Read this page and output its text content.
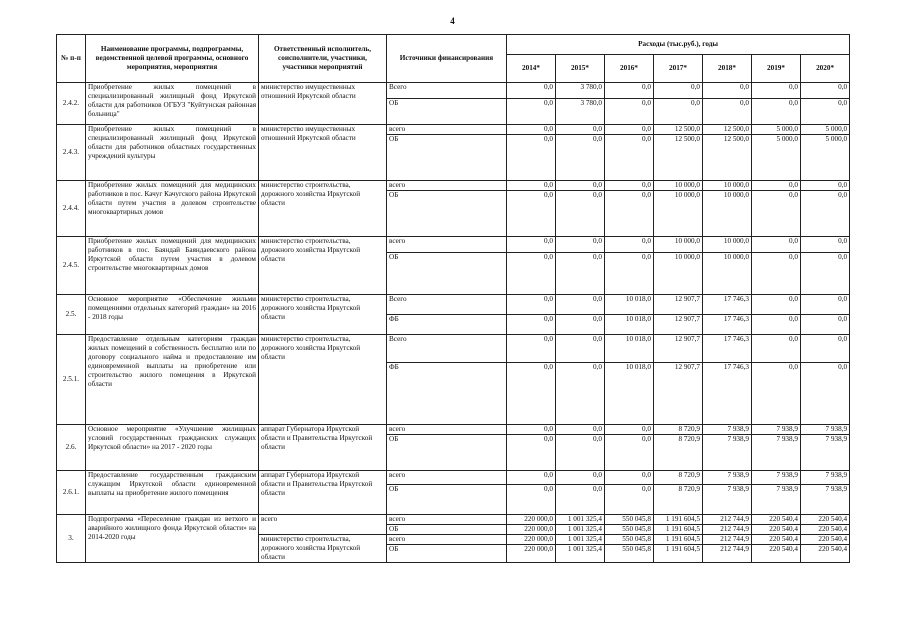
4
№ п-п	Наименование программы, подпрограммы, ведомственной целевой программы, основного мероприятия, мероприятия	Ответственный исполнитель, соисполнители, участники, участники мероприятий	Источники финансирования	Расходы (тыс.руб.), годы						
				2014*	2015*	2016*	2017*	2018*	2019*	2020*
2.4.2.	Приобретение жилых помещений в специализированный жилищный фонд Иркутской области для работников ОГБУЗ "Куйтунская районная больница"	министерство имущественных отношений Иркутской области	Всего	0,0	3 780,0	0,0	0,0	0,0	0,0	0,0
			ОБ	0,0	3 780,0	0,0	0,0	0,0	0,0	0,0
2.4.3.	Приобретение жилых помещений в специализированный жилищный фонд Иркутской области для работников областных государственных учреждений культуры	министерство имущественных отношений Иркутской области	всего	0,0	0,0	0,0	12 500,0	12 500,0	5 000,0	5 000,0
			ОБ	0,0	0,0	0,0	12 500,0	12 500,0	5 000,0	5 000,0
2.4.4.	Приобретение жилых помещений для медицинских работников в пос. Качуг Качугского района Иркутской области путем участия в долевом строительстве многоквартирных домов	министерство строительства, дорожного хозяйства Иркутской области	всего	0,0	0,0	0,0	10 000,0	10 000,0	0,0	0,0
			ОБ	0,0	0,0	0,0	10 000,0	10 000,0	0,0	0,0
2.4.5.	Приобретение жилых помещений для медицинских работников в пос. Баяндай Баяндаевского района Иркутской области путем участия в долевом строительстве многоквартирных домов	министерство строительства, дорожного хозяйства Иркутской области	всего	0,0	0,0	0,0	10 000,0	10 000,0	0,0	0,0
			ОБ	0,0	0,0	0,0	10 000,0	10 000,0	0,0	0,0
2.5.	Основное мероприятие «Обеспечение жильми помещениями отдельных категорий граждан» на 2016 - 2018 годы	министерство строительства, дорожного хозяйства Иркутской области	Всего	0,0	0,0	10 018,0	12 907,7	17 746,3	0,0	0,0
			ФБ	0,0	0,0	10 018,0	12 907,7	17 746,3	0,0	0,0
2.5.1.	Предоставление отдельным категориям граждан жилых помещений в собственность бесплатно или по договору социального найма и предоставление им единовременной выплаты на приобретение или строительство жилого помещения в Иркутской области	министерство строительства, дорожного хозяйства Иркутской области	Всего	0,0	0,0	10 018,0	12 907,7	17 746,3	0,0	0,0
			ФБ	0,0	0,0	10 018,0	12 907,7	17 746,3	0,0	0,0
2.6.	Основное мероприятие «Улучшение жилищных условий государственных гражданских служащих Иркутской области» на 2017 - 2020 годы	аппарат Губернатора Иркутской области и Правительства Иркутской области	всего	0,0	0,0	0,0	8 720,9	7 938,9	7 938,9	7 938,9
			ОБ	0,0	0,0	0,0	8 720,9	7 938,9	7 938,9	7 938,9
2.6.1.	Предоставление государственным гражданским служащим Иркутской области единовременной выплаты на приобретение жилого помещения	аппарат Губернатора Иркутской области и Правительства Иркутской области	всего	0,0	0,0	0,0	8 720,9	7 938,9	7 938,9	7 938,9
			ОБ	0,0	0,0	0,0	8 720,9	7 938,9	7 938,9	7 938,9
3.	Подпрограмма «Переселение граждан из ветхого и аварийного жилищного фонда Иркутской области» на 2014-2020 годы	всего	всего	220 000,0	1 001 325,4	550 045,8	1 191 604,5	212 744,9	220 540,4	220 540,4
			ОБ	220 000,0	1 001 325,4	550 045,8	1 191 604,5	212 744,9	220 540,4	220 540,4
		министерство строительства, дорожного хозяйства Иркутской области	всего	220 000,0	1 001 325,4	550 045,8	1 191 604,5	212 744,9	220 540,4	220 540,4
			ОБ	220 000,0	1 001 325,4	550 045,8	1 191 604,5	212 744,9	220 540,4	220 540,4
